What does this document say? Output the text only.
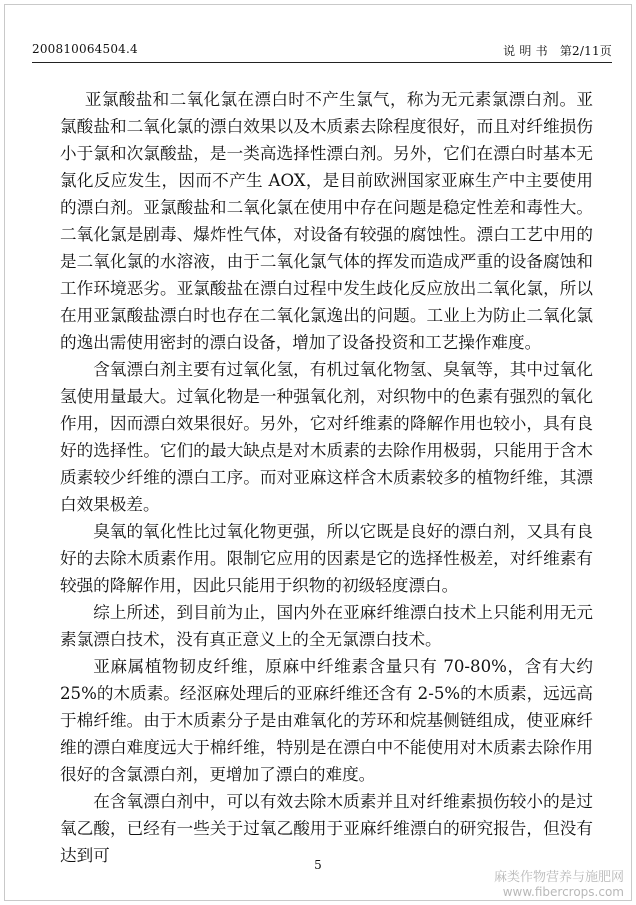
200810064504.4	说 明 书 第2/11页

亚氯酸盐和二氧化氯在漂白时不产生氯气，称为无元素氯漂白剂。亚氯酸盐和二氧化氯的漂白效果以及木质素去除程度很好，而且对纤维损伤小于氯和次氯酸盐，是一类高选择性漂白剂。另外，它们在漂白时基本无氯化反应发生，因而不产生 AOX，是目前欧洲国家亚麻生产中主要使用的漂白剂。亚氯酸盐和二氧化氯在使用中存在问题是稳定性差和毒性大。二氧化氯是剧毒、爆炸性气体，对设备有较强的腐蚀性。漂白工艺中用的是二氧化氯的水溶液，由于二氧化氯气体的挥发而造成严重的设备腐蚀和工作环境恶劣。亚氯酸盐在漂白过程中发生歧化反应放出二氧化氯，所以在用亚氯酸盐漂白时也存在二氧化氯逸出的问题。工业上为防止二氧化氯的逸出需使用密封的漂白设备，增加了设备投资和工艺操作难度。

含氧漂白剂主要有过氧化氢，有机过氧化物氢、臭氧等，其中过氧化氢使用量最大。过氧化物是一种强氧化剂，对织物中的色素有强烈的氧化作用，因而漂白效果很好。另外，它对纤维素的降解作用也较小，具有良好的选择性。它们的最大缺点是对木质素的去除作用极弱，只能用于含木质素较少纤维的漂白工序。而对亚麻这样含木质素较多的植物纤维，其漂白效果极差。

臭氧的氧化性比过氧化物更强，所以它既是良好的漂白剂，又具有良好的去除木质素作用。限制它应用的因素是它的选择性极差，对纤维素有较强的降解作用，因此只能用于织物的初级轻度漂白。

综上所述，到目前为止，国内外在亚麻纤维漂白技术上只能利用无元素氯漂白技术，没有真正意义上的全无氯漂白技术。

亚麻属植物韧皮纤维，原麻中纤维素含量只有 70-80%，含有大约 25%的木质素。经沤麻处理后的亚麻纤维还含有 2-5%的木质素，远远高于棉纤维。由于木质素分子是由难氧化的芳环和烷基侧链组成，使亚麻纤维的漂白难度远大于棉纤维，特别是在漂白中不能使用对木质素去除作用很好的含氯漂白剂，更增加了漂白的难度。

在含氧漂白剂中，可以有效去除木质素并且对纤维素损伤较小的是过氧乙酸，已经有一些关于过氧乙酸用于亚麻纤维漂白的研究报告，但没有达到可	5
麻类作物营养与施肥网
www.fibercrops.com
